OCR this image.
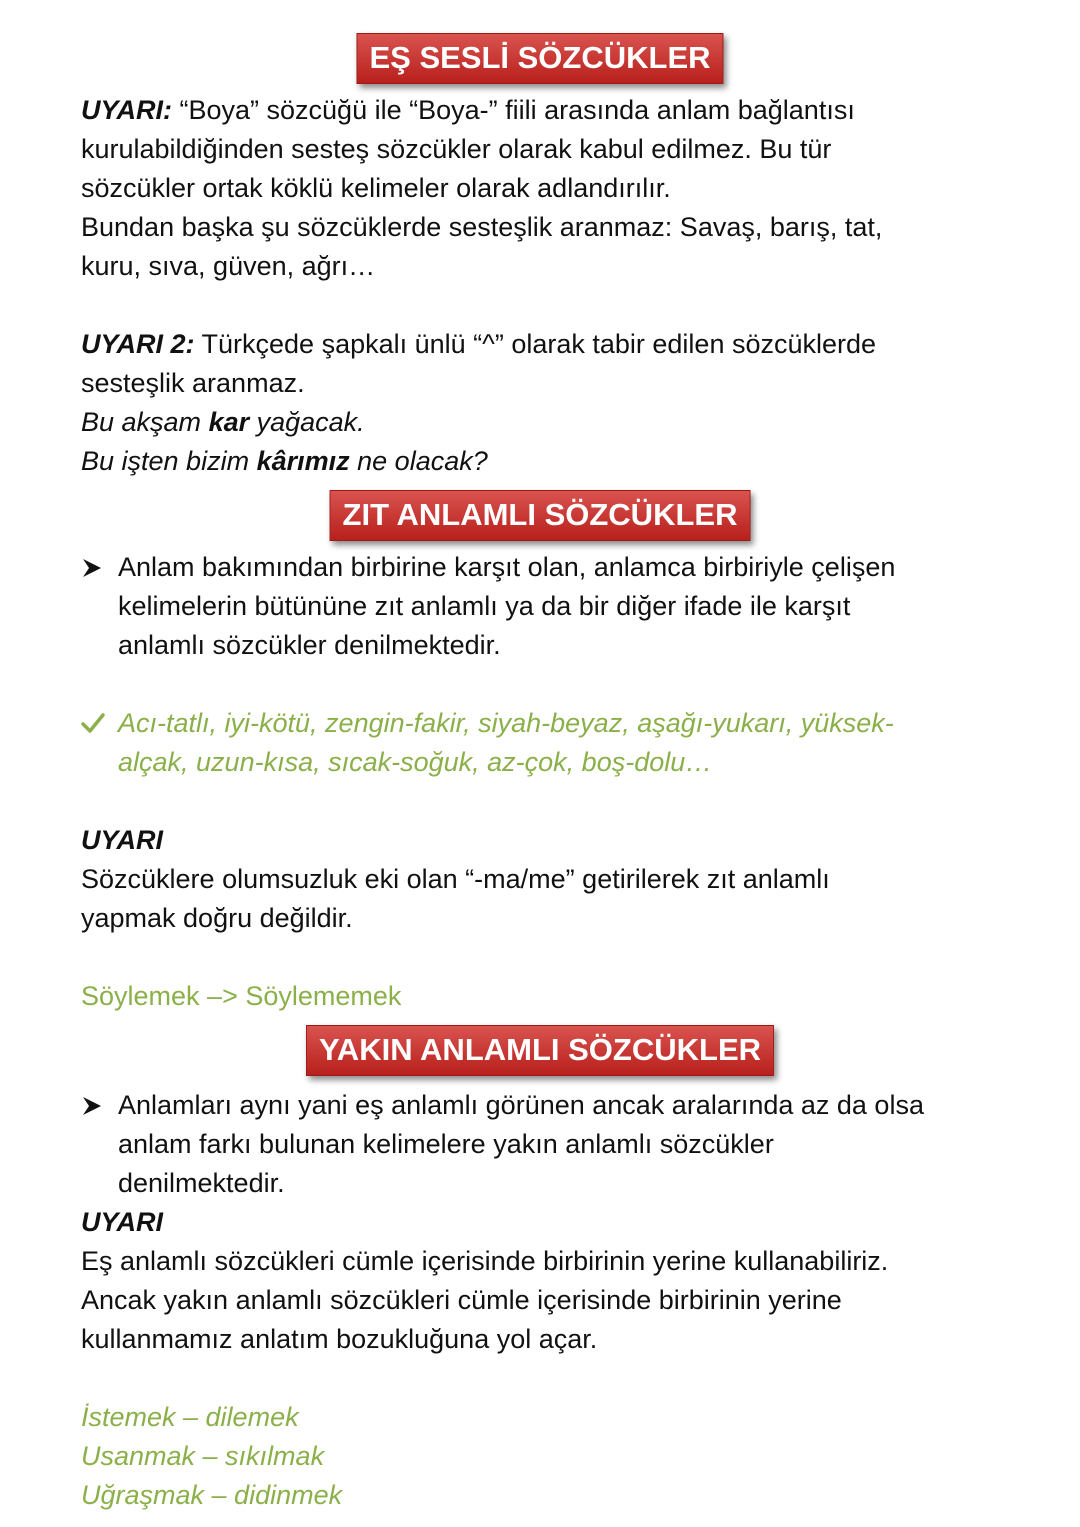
EŞ SESLİ SÖZCÜKLER
UYARI: “Boya” sözcüğü ile “Boya-” fiili arasında anlam bağlantısı
kurulabildiğinden sesteş sözcükler olarak kabul edilmez. Bu tür
sözcükler ortak köklü kelimeler olarak adlandırılır.
Bundan başka şu sözcüklerde sesteşlik aranmaz: Savaş, barış, tat,
kuru, sıva, güven, ağrı…
UYARI 2: Türkçede şapkalı ünlü “^” olarak tabir edilen sözcüklerde
sesteşlik aranmaz.
Bu akşam kar yağacak.
Bu işten bizim kârımız ne olacak?
ZIT ANLAMLI SÖZCÜKLER
Anlam bakımından birbirine karşıt olan, anlamca birbiriyle çelişen
kelimelerin bütününe zıt anlamlı ya da bir diğer ifade ile karşıt
anlamlı sözcükler denilmektedir.
Acı-tatlı, iyi-kötü, zengin-fakir, siyah-beyaz, aşağı-yukarı, yüksek-
alçak, uzun-kısa, sıcak-soğuk, az-çok, boş-dolu…
UYARI
Sözcüklere olumsuzluk eki olan “-ma/me” getirilerek zıt anlamlı
yapmak doğru değildir.
Söylemek –> Söylememek
YAKIN ANLAMLI SÖZCÜKLER
Anlamları aynı yani eş anlamlı görünen ancak aralarında az da olsa
anlam farkı bulunan kelimelere yakın anlamlı sözcükler
denilmektedir.
UYARI
Eş anlamlı sözcükleri cümle içerisinde birbirinin yerine kullanabiliriz.
Ancak yakın anlamlı sözcükleri cümle içerisinde birbirinin yerine
kullanmamız anlatım bozukluğuna yol açar.
İstemek – dilemek
Usanmak – sıkılmak
Uğraşmak – didinmek
